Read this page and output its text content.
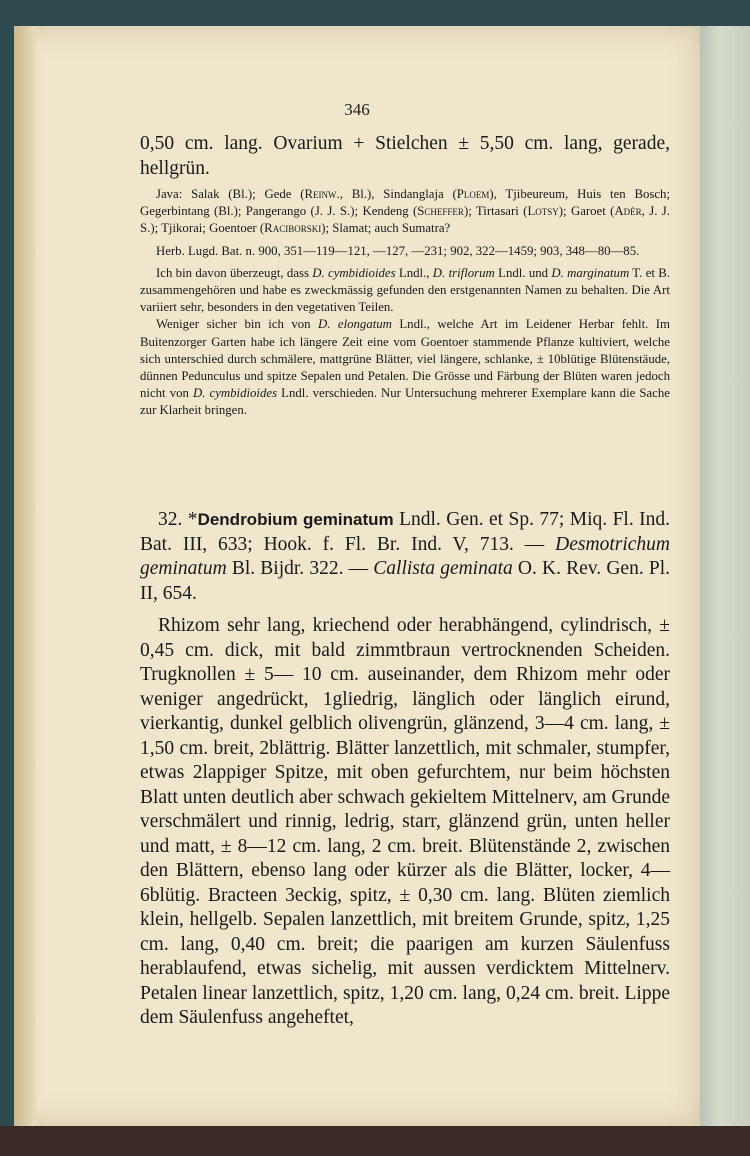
346

0,50 cm. lang. Ovarium + Stielchen ± 5,50 cm. lang, gerade, hellgrün.

Java: Salak (Bl.); Gede (Reinw., Bl.), Sindanglaja (Ploem), Tjibeureum, Huis ten Bosch; Gegerbintang (Bl.); Pangerango (J. J. S.); Kendeng (Scheffer); Tirtasari (Lotsy); Garoet (Adèr, J. J. S.); Tjikorai; Goentoer (Raciborski); Slamat; auch Sumatra?

Herb. Lugd. Bat. n. 900, 351—119—121, —127, —231; 902, 322—1459; 903, 348—80—85.

Ich bin davon überzeugt, dass D. cymbidioides Lndl., D. triflorum Lndl. und D. marginatum T. et B. zusammengehören und habe es zweckmässig gefunden den erstgenannten Namen zu behalten. Die Art variiert sehr, besonders in den vegetativen Teilen.

Weniger sicher bin ich von D. elongatum Lndl., welche Art im Leidener Herbar fehlt. Im Buitenzorger Garten habe ich längere Zeit eine vom Goentoer stammende Pflanze kultiviert, welche sich unterschied durch schmälere, mattgrüne Blätter, viel längere, schlanke, ± 10blütige Blütenstäude, dünnen Pedunculus und spitze Sepalen und Petalen. Die Grösse und Färbung der Blüten waren jedoch nicht von D. cymbidioides Lndl. verschieden. Nur Untersuchung mehrerer Exemplare kann die Sache zur Klarheit bringen.

32. *Dendrobium geminatum Lndl. Gen. et Sp. 77; Miq. Fl. Ind. Bat. III, 633; Hook. f. Fl. Br. Ind. V, 713. — Desmotrichum geminatum Bl. Bijdr. 322. — Callista geminata O. K. Rev. Gen. Pl. II, 654.

Rhizom sehr lang, kriechend oder herabhängend, cylindrisch, ± 0,45 cm. dick, mit bald zimmtbraun vertrocknenden Scheiden. Trugknollen ± 5— 10 cm. auseinander, dem Rhizom mehr oder weniger angedrückt, 1gliedrig, länglich oder länglich eirund, vierkantig, dunkel gelblich olivengrün, glänzend, 3—4 cm. lang, ± 1,50 cm. breit, 2blättrig. Blätter lanzettlich, mit schmaler, stumpfer, etwas 2lappiger Spitze, mit oben gefurchtem, nur beim höchsten Blatt unten deutlich aber schwach gekieltem Mittelnerv, am Grunde verschmälert und rinnig, ledrig, starr, glänzend grün, unten heller und matt, ± 8—12 cm. lang, 2 cm. breit. Blütenstände 2, zwischen den Blättern, ebenso lang oder kürzer als die Blätter, locker, 4—6blütig. Bracteen 3eckig, spitz, ± 0,30 cm. lang. Blüten ziemlich klein, hellgelb. Sepalen lanzettlich, mit breitem Grunde, spitz, 1,25 cm. lang, 0,40 cm. breit; die paarigen am kurzen Säulenfuss herablaufend, etwas sichelig, mit aussen verdicktem Mittelnerv. Petalen linear lanzettlich, spitz, 1,20 cm. lang, 0,24 cm. breit. Lippe dem Säulenfuss angeheftet,
